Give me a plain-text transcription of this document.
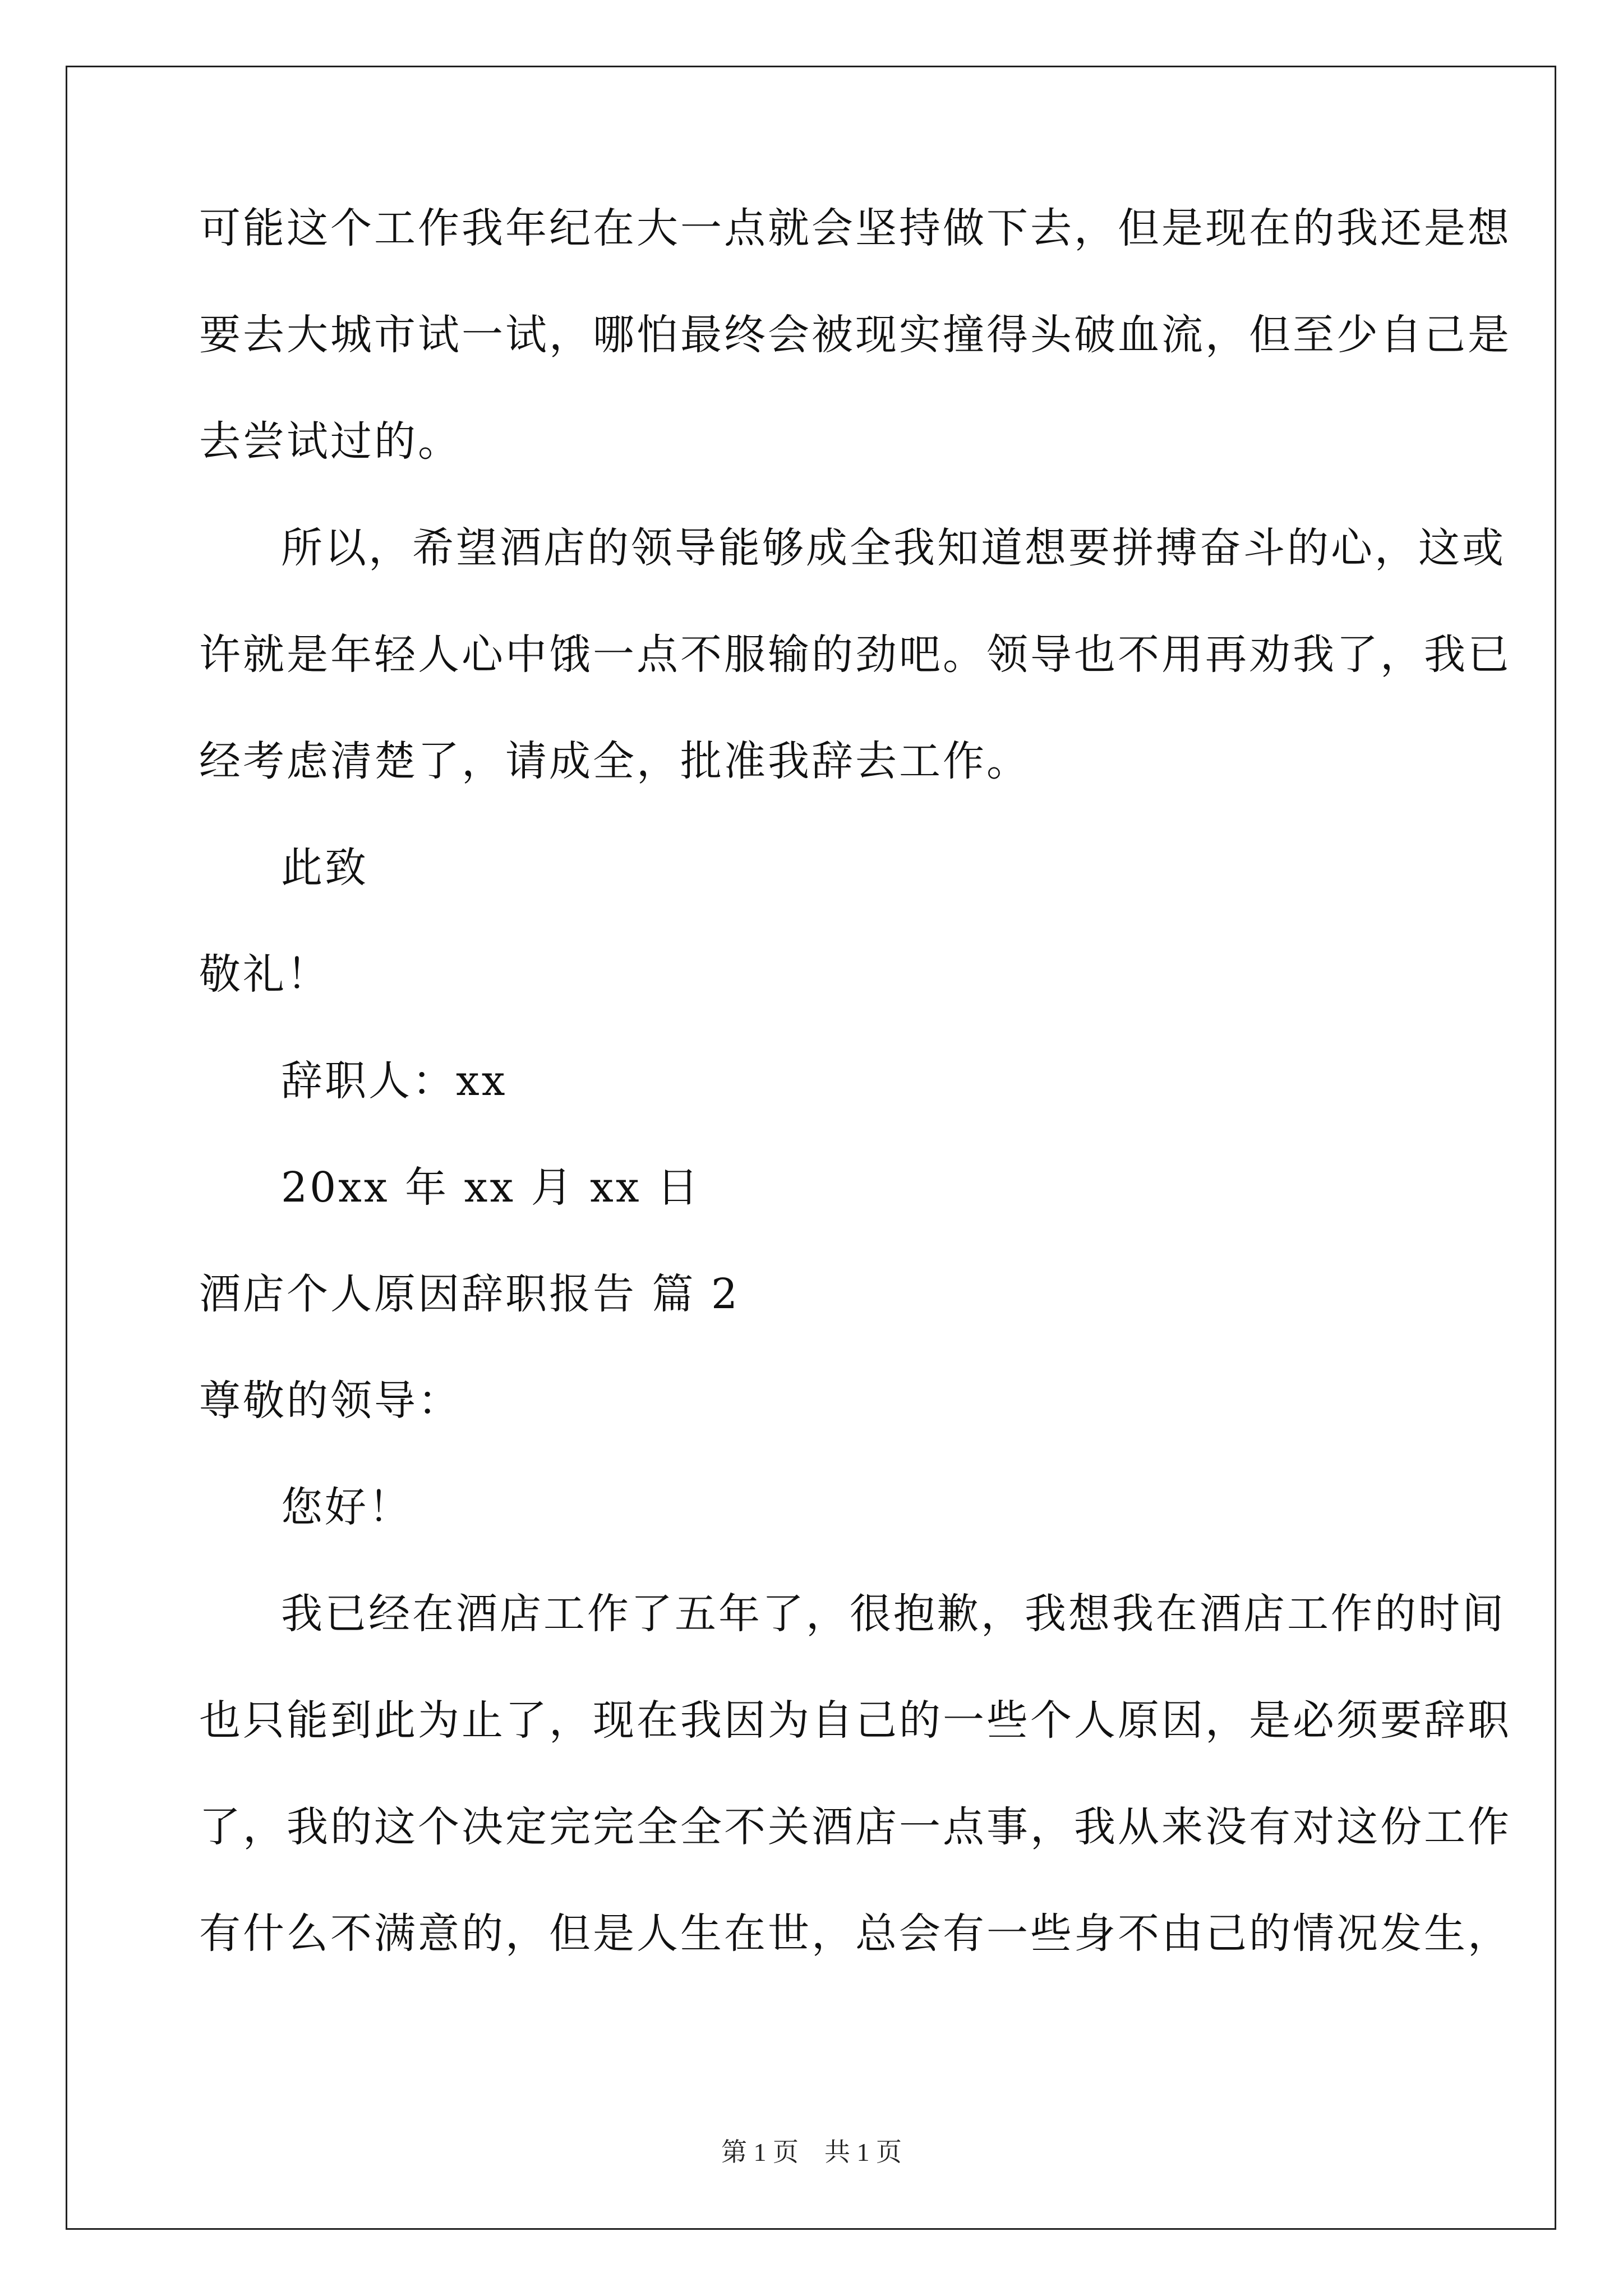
可能这个工作我年纪在大一点就会坚持做下去，但是现在的我还是想
要去大城市试一试，哪怕最终会被现实撞得头破血流，但至少自己是
去尝试过的。
所以，希望酒店的领导能够成全我知道想要拼搏奋斗的心，这或
许就是年轻人心中饿一点不服输的劲吧。领导也不用再劝我了，我已
经考虑清楚了，请成全，批准我辞去工作。
此致
敬礼！
辞职人：xx
20xx 年 xx 月 xx 日
酒店个人原因辞职报告 篇 2
尊敬的领导：
您好！
我已经在酒店工作了五年了，很抱歉，我想我在酒店工作的时间
也只能到此为止了，现在我因为自己的一些个人原因，是必须要辞职
了，我的这个决定完完全全不关酒店一点事，我从来没有对这份工作
有什么不满意的，但是人生在世，总会有一些身不由己的情况发生，
第 1 页　共 1 页
